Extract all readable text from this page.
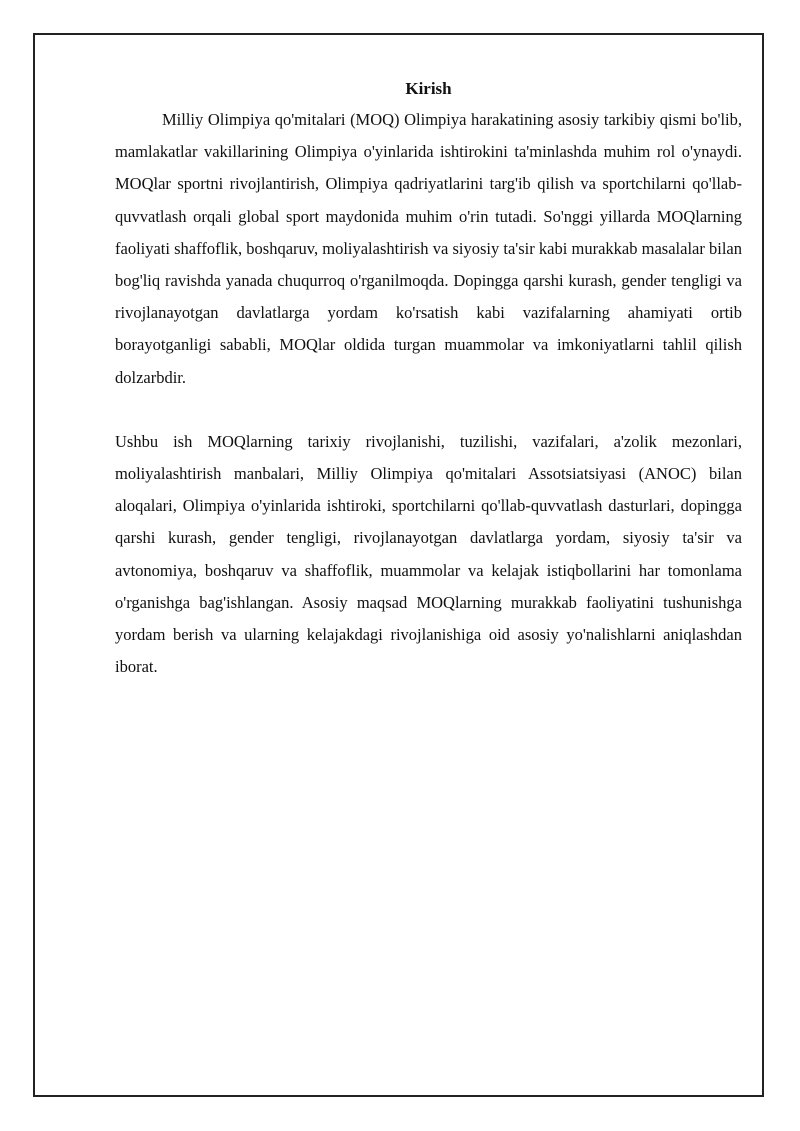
Kirish

Milliy Olimpiya qo'mitalari (MOQ) Olimpiya harakatining asosiy tarkibiy qismi bo'lib, mamlakatlar vakillarining Olimpiya o'yinlarida ishtirokini ta'minlashda muhim rol o'ynaydi. MOQlar sportni rivojlantirish, Olimpiya qadriyatlarini targ'ib qilish va sportchilarni qo'llab-quvvatlash orqali global sport maydonida muhim o'rin tutadi. So'nggi yillarda MOQlarning faoliyati shaffoflik, boshqaruv, moliyalashtirish va siyosiy ta'sir kabi murakkab masalalar bilan bog'liq ravishda yanada chuqurroq o'rganilmoqda. Dopingga qarshi kurash, gender tengligi va rivojlanayotgan davlatlarga yordam ko'rsatish kabi vazifalarning ahamiyati ortib borayotganligi sababli, MOQlar oldida turgan muammolar va imkoniyatlarni tahlil qilish dolzarbdir.

Ushbu ish MOQlarning tarixiy rivojlanishi, tuzilishi, vazifalari, a'zolik mezonlari, moliyalashtirish manbalari, Milliy Olimpiya qo'mitalari Assotsiatsiyasi (ANOC) bilan aloqalari, Olimpiya o'yinlarida ishtiroki, sportchilarni qo'llab-quvvatlash dasturlari, dopingga qarshi kurash, gender tengligi, rivojlanayotgan davlatlarga yordam, siyosiy ta'sir va avtonomiya, boshqaruv va shaffoflik, muammolar va kelajak istiqbollarini har tomonlama o'rganishga bag'ishlangan. Asosiy maqsad MOQlarning murakkab faoliyatini tushunishga yordam berish va ularning kelajakdagi rivojlanishiga oid asosiy yo'nalishlarni aniqlashdan iborat.
